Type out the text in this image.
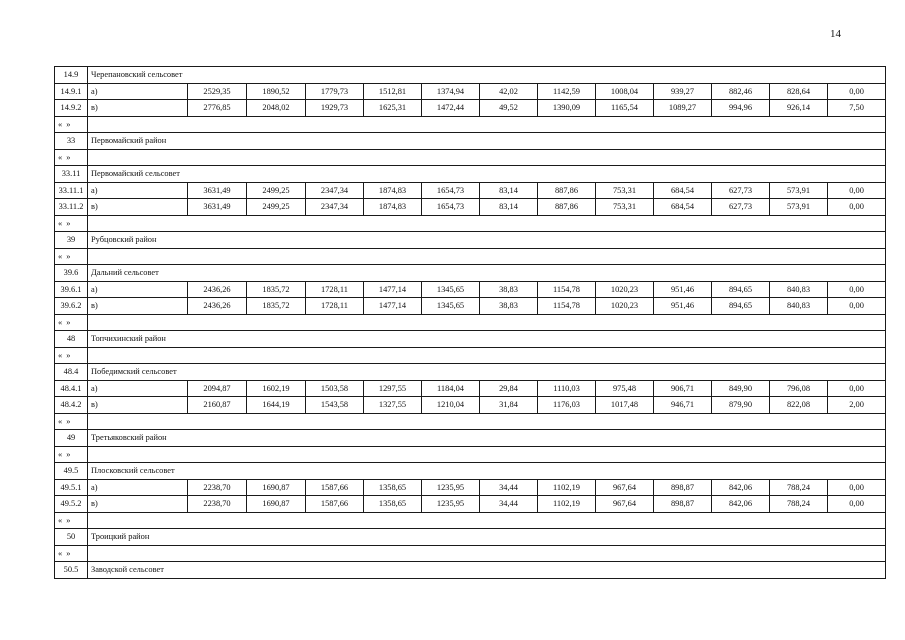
14
14.9	Черепановский сельсовет												
14.9.1	а)	2529,35	1890,52	1779,73	1512,81	1374,94	42,02	1142,59	1008,04	939,27	882,46	828,64	0,00
14.9.2	в)	2776,85	2048,02	1929,73	1625,31	1472,44	49,52	1390,09	1165,54	1089,27	994,96	926,14	7,50
« »													
33	Первомайский район												
« »													
33.11	Первомайский сельсовет												
33.11.1	а)	3631,49	2499,25	2347,34	1874,83	1654,73	83,14	887,86	753,31	684,54	627,73	573,91	0,00
33.11.2	в)	3631,49	2499,25	2347,34	1874,83	1654,73	83,14	887,86	753,31	684,54	627,73	573,91	0,00
« »													
39	Рубцовский район												
« »													
39.6	Дальний сельсовет												
39.6.1	а)	2436,26	1835,72	1728,11	1477,14	1345,65	38,83	1154,78	1020,23	951,46	894,65	840,83	0,00
39.6.2	в)	2436,26	1835,72	1728,11	1477,14	1345,65	38,83	1154,78	1020,23	951,46	894,65	840,83	0,00
« »													
48	Топчихинский район												
« »													
48.4	Победимский сельсовет												
48.4.1	а)	2094,87	1602,19	1503,58	1297,55	1184,04	29,84	1110,03	975,48	906,71	849,90	796,08	0,00
48.4.2	в)	2160,87	1644,19	1543,58	1327,55	1210,04	31,84	1176,03	1017,48	946,71	879,90	822,08	2,00
« »													
49	Третьяковский район												
« »													
49.5	Плосковский сельсовет												
49.5.1	а)	2238,70	1690,87	1587,66	1358,65	1235,95	34,44	1102,19	967,64	898,87	842,06	788,24	0,00
49.5.2	в)	2238,70	1690,87	1587,66	1358,65	1235,95	34,44	1102,19	967,64	898,87	842,06	788,24	0,00
« »													
50	Троицкий район												
« »													
50.5	Заводской сельсовет												
